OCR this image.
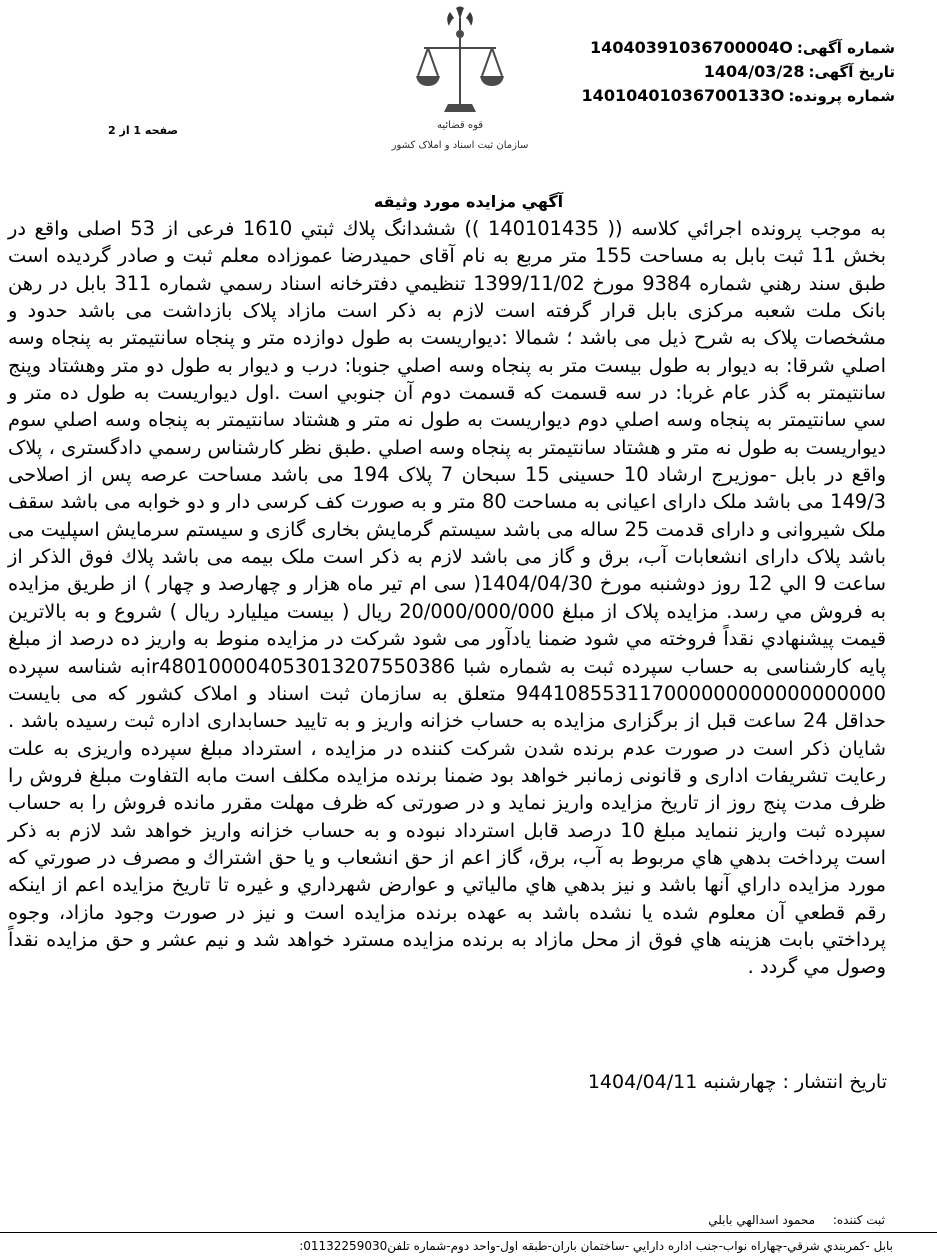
شماره آگهی:
14040391036700004O
تاریخ آگهی:
1404/03/28
شماره پرونده:
14010401036700133O
قوه قضائیه
سازمان ثبت اسناد و املاک کشور
صفحه 1 از 2
آگهي مزايده مورد وثيقه

به موجب پرونده اجرائي كلاسه (( 140101435 )) ششدانگ پلاك ثبتي 1610 فرعی از 53 اصلی واقع در بخش 11 ثبت بابل به مساحت 155 متر مربع به نام آقای حميدرضا عموزاده معلم ثبت و صادر گرديده است طبق سند رهني شماره 9384 مورخ 1399/11/02 تنظيمي دفترخانه اسناد رسمي شماره 311 بابل در رهن بانک ملت شعبه مرکزی بابل قرار گرفته است لازم به ذکر است مازاد پلاک بازداشت می باشد حدود و مشخصات پلاک به شرح ذیل می باشد ؛ شمالا :ديواريست به طول دوازده متر و پنجاه سانتيمتر به پنجاه وسه اصلي شرقا: به ديوار به طول بيست متر به پنجاه وسه اصلي جنوبا: درب و ديوار به طول دو متر وهشتاد وپنج سانتيمتر به گذر عام غربا: در سه قسمت كه قسمت دوم آن جنوبي است .اول ديواريست به طول ده متر و سي سانتيمتر به پنجاه وسه اصلي دوم ديواريست به طول نه متر و هشتاد سانتيمتر به پنجاه وسه اصلي سوم ديواريست به طول نه متر و هشتاد سانتيمتر به پنجاه وسه اصلي .طبق نظر کارشناس رسمي دادگستری ، پلاک واقع در بابل -موزيرج ارشاد 10 حسینی 15 سبحان 7 پلاک 194 می باشد مساحت عرصه پس از اصلاحی 149/3 می باشد ملک دارای اعیانی به مساحت 80 متر و به صورت کف کرسی دار و دو خوابه می باشد سقف ملک شیروانی و دارای قدمت 25 ساله می باشد سیستم گرمایش بخاری گازی و سیستم سرمایش اسپلیت می باشد پلاک دارای انشعابات آب، برق و گاز می باشد لازم به ذکر است ملک بیمه می باشد پلاك فوق الذكر از ساعت 9 الي 12 روز دوشنبه مورخ 1404/04/30( سی ام تیر ماه هزار و چهارصد و چهار ) از طريق مزايده به فروش مي رسد. مزايده پلاک از مبلغ 20/000/000/000 ريال ( بیست میلیارد ریال ) شروع و به بالاترين قيمت پيشنهادي نقداً فروخته مي شود ضمنا يادآور می شود شرکت در مزايده منوط به واريز ده درصد از مبلغ پايه کارشناسی به حساب سپرده ثبت به شماره شبا ir480100004053013207550386به شناسه سپرده 944108553117000000000000000000 متعلق به سازمان ثبت اسناد و املاک کشور که می بايست حداقل 24 ساعت قبل از برگزاری مزايده به حساب خزانه واريز و به تاييد حسابداری اداره ثبت رسيده باشد . شايان ذكر است در صورت عدم برنده شدن شرکت کننده در مزايده ، استرداد مبلغ سپرده واريزی به علت رعايت تشريفات اداری و قانونی زمانبر خواهد بود ضمنا برنده مزايده مكلف است مابه التفاوت مبلغ فروش را ظرف مدت پنج روز از تاريخ مزايده واريز نمايد و در صورتی كه ظرف مهلت مقرر مانده فروش را به حساب سپرده ثبت واريز ننمايد مبلغ 10 درصد قابل استرداد نبوده و به حساب خزانه واريز خواهد شد لازم به ذكر است پرداخت بدهي هاي مربوط به آب، برق، گاز اعم از حق انشعاب و يا حق اشتراك و مصرف در صورتي كه مورد مزايده داراي آنها باشد و نيز بدهي هاي مالياتي و عوارض شهرداري و غيره تا تاريخ مزايده اعم از اينكه رقم قطعي آن معلوم شده يا نشده باشد به عهده برنده مزايده است و نيز در صورت وجود مازاد، وجوه پرداختي بابت هزينه هاي فوق از محل مازاد به برنده مزايده مسترد خواهد شد و نيم عشر و حق مزايده نقداً وصول مي گردد .

تاریخ انتشار : چهارشنبه 1404/04/11
ثبت کننده: محمود اسدالهي بابلي
بابل -کمربندي شرقي-چهاراه نواب-جنب اداره دارايي -ساختمان باران-طبقه اول-واحد دوم-شماره تلفن01132259030:
